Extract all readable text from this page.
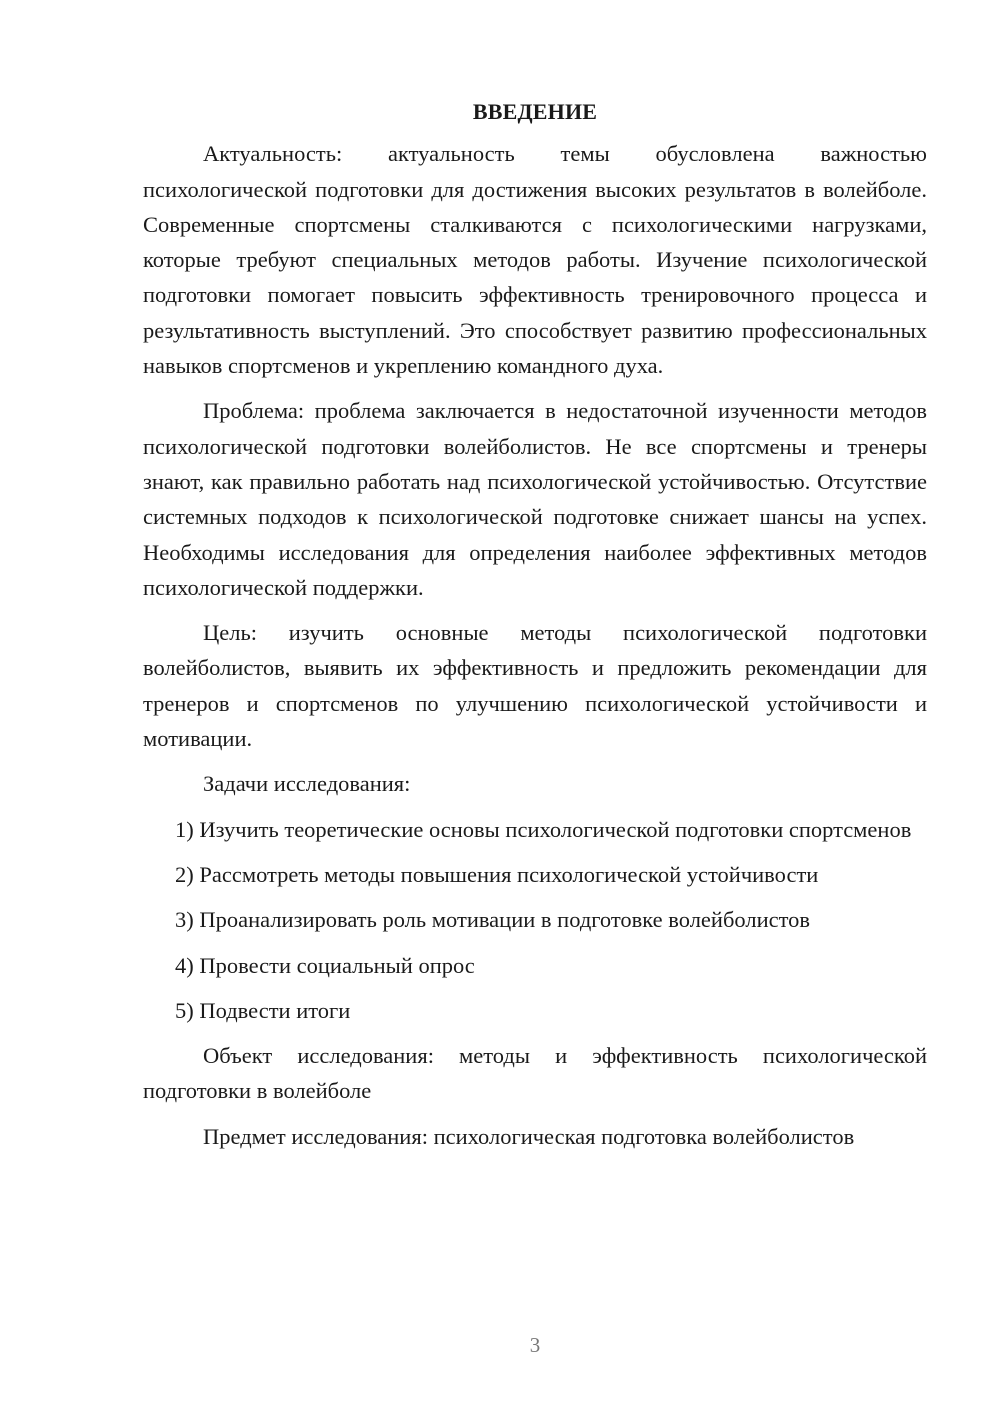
ВВЕДЕНИЕ

Актуальность: актуальность темы обусловлена важностью психологической подготовки для достижения высоких результатов в волейболе. Современные спортсмены сталкиваются с психологическими нагрузками, которые требуют специальных методов работы. Изучение психологической подготовки помогает повысить эффективность тренировочного процесса и результативность выступлений. Это способствует развитию профессиональных навыков спортсменов и укреплению командного духа.

Проблема: проблема заключается в недостаточной изученности методов психологической подготовки волейболистов. Не все спортсмены и тренеры знают, как правильно работать над психологической устойчивостью. Отсутствие системных подходов к психологической подготовке снижает шансы на успех. Необходимы исследования для определения наиболее эффективных методов психологической поддержки.

Цель: изучить основные методы психологической подготовки волейболистов, выявить их эффективность и предложить рекомендации для тренеров и спортсменов по улучшению психологической устойчивости и мотивации.

Задачи исследования:

1) Изучить теоретические основы психологической подготовки спортсменов

2) Рассмотреть методы повышения психологической устойчивости

3) Проанализировать роль мотивации в подготовке волейболистов

4) Провести социальный опрос

5) Подвести итоги

Объект исследования: методы и эффективность психологической подготовки в волейболе

Предмет исследования: психологическая подготовка волейболистов

3
